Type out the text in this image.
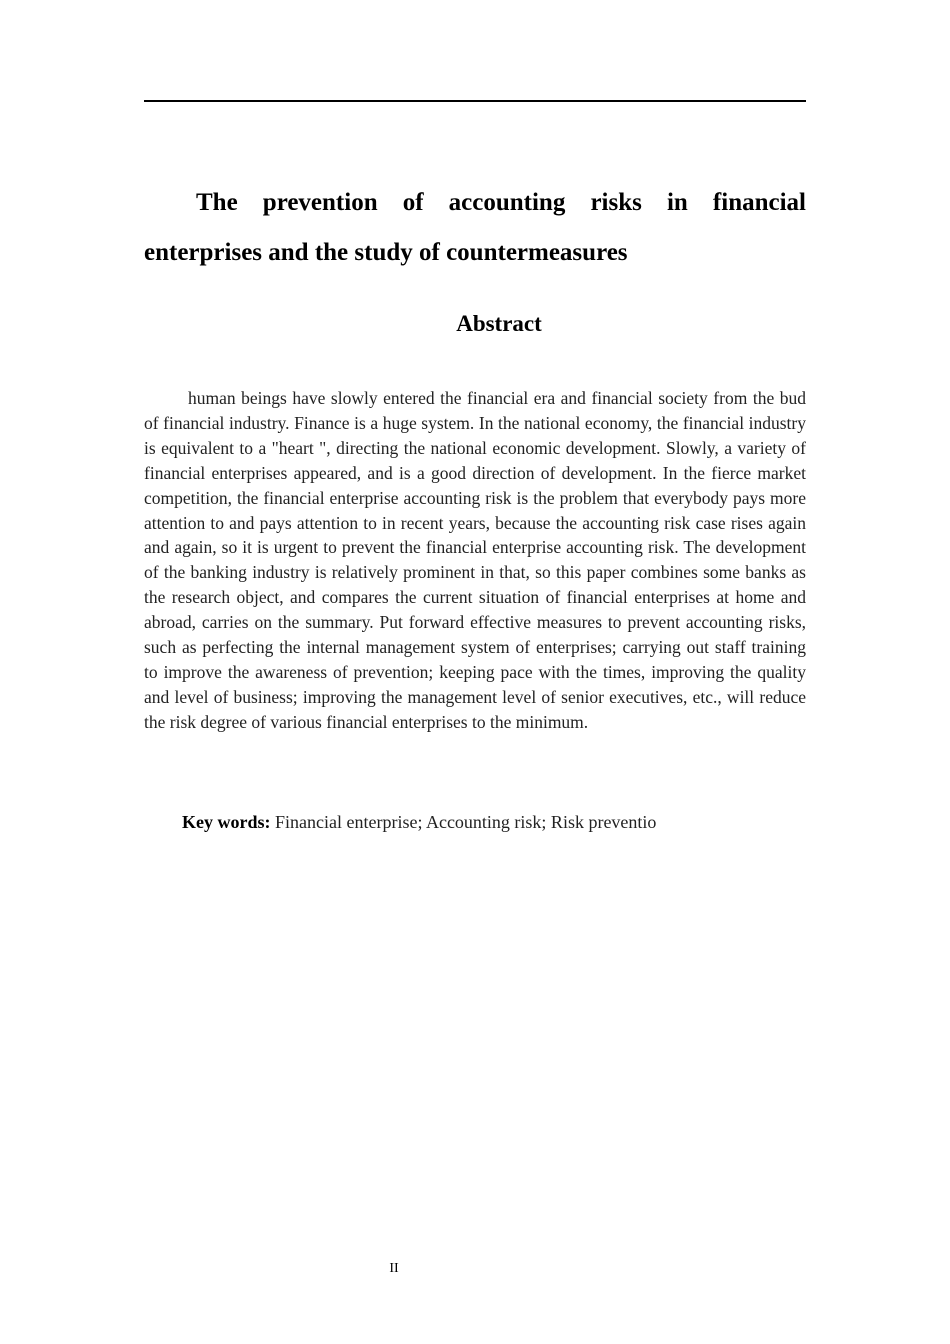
The prevention of accounting risks in financial enterprises and the study of countermeasures
Abstract

human beings have slowly entered the financial era and financial society from the bud of financial industry. Finance is a huge system. In the national economy, the financial industry is equivalent to a "heart ", directing the national economic development. Slowly, a variety of financial enterprises appeared, and is a good direction of development. In the fierce market competition, the financial enterprise accounting risk is the problem that everybody pays more attention to and pays attention to in recent years, because the accounting risk case rises again and again, so it is urgent to prevent the financial enterprise accounting risk. The development of the banking industry is relatively prominent in that, so this paper combines some banks as the research object, and compares the current situation of financial enterprises at home and abroad, carries on the summary. Put forward effective measures to prevent accounting risks, such as perfecting the internal management system of enterprises; carrying out staff training to improve the awareness of prevention; keeping pace with the times, improving the quality and level of business; improving the management level of senior executives, etc., will reduce the risk degree of various financial enterprises to the minimum.

Key words: Financial enterprise; Accounting risk; Risk preventio

II
